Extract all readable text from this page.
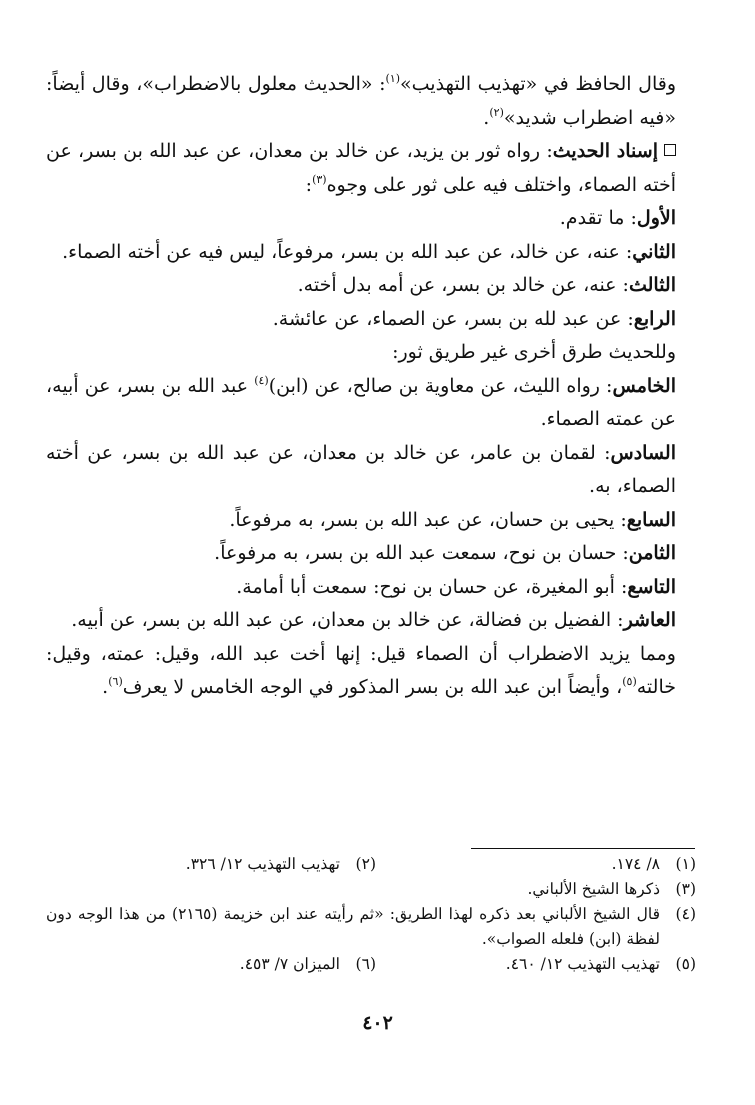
وقال الحافظ في «تهذيب التهذيب»$^{(١)}$: «الحديث معلول بالاضطراب»، وقال أيضاً: «فيه اضطراب شديد»$^{(٢)}$.

إسناد الحديث: رواه ثور بن يزيد، عن خالد بن معدان، عن عبد الله بن بسر، عن أخته الصماء، واختلف فيه على ثور على وجوه$^{(٣)}$:

الأول: ما تقدم.

الثاني: عنه، عن خالد، عن عبد الله بن بسر، مرفوعاً، ليس فيه عن أخته الصماء.

الثالث: عنه، عن خالد بن بسر، عن أمه بدل أخته.

الرابع: عن عبد لله بن بسر، عن الصماء، عن عائشة.

وللحديث طرق أخرى غير طريق ثور:

الخامس: رواه الليث، عن معاوية بن صالح، عن (ابن)$^{(٤)}$ عبد الله بن بسر، عن أبيه، عن عمته الصماء.

السادس: لقمان بن عامر، عن خالد بن معدان، عن عبد الله بن بسر، عن أخته الصماء، به.

السابع: يحيى بن حسان، عن عبد الله بن بسر، به مرفوعاً.

الثامن: حسان بن نوح، سمعت عبد الله بن بسر، به مرفوعاً.

التاسع: أبو المغيرة، عن حسان بن نوح: سمعت أبا أمامة.

العاشر: الفضيل بن فضالة، عن خالد بن معدان، عن عبد الله بن بسر، عن أبيه.

ومما يزيد الاضطراب أن الصماء قيل: إنها أخت عبد الله، وقيل: عمته، وقيل: خالته$^{(٥)}$، وأيضاً ابن عبد الله بن بسر المذكور في الوجه الخامس لا يعرف$^{(٦)}$.

(١)
٨/ ١٧٤.
(٢)
تهذيب التهذيب ١٢/ ٣٢٦.
(٣)
ذكرها الشيخ الألباني.
(٤)
قال الشيخ الألباني بعد ذكره لهذا الطريق: «ثم رأيته عند ابن خزيمة (٢١٦٥) من هذا الوجه دون لفظة (ابن) فلعله الصواب».
(٥)
تهذيب التهذيب ١٢/ ٤٦٠.
(٦)
الميزان ٧/ ٤٥٣.
٤٠٢
